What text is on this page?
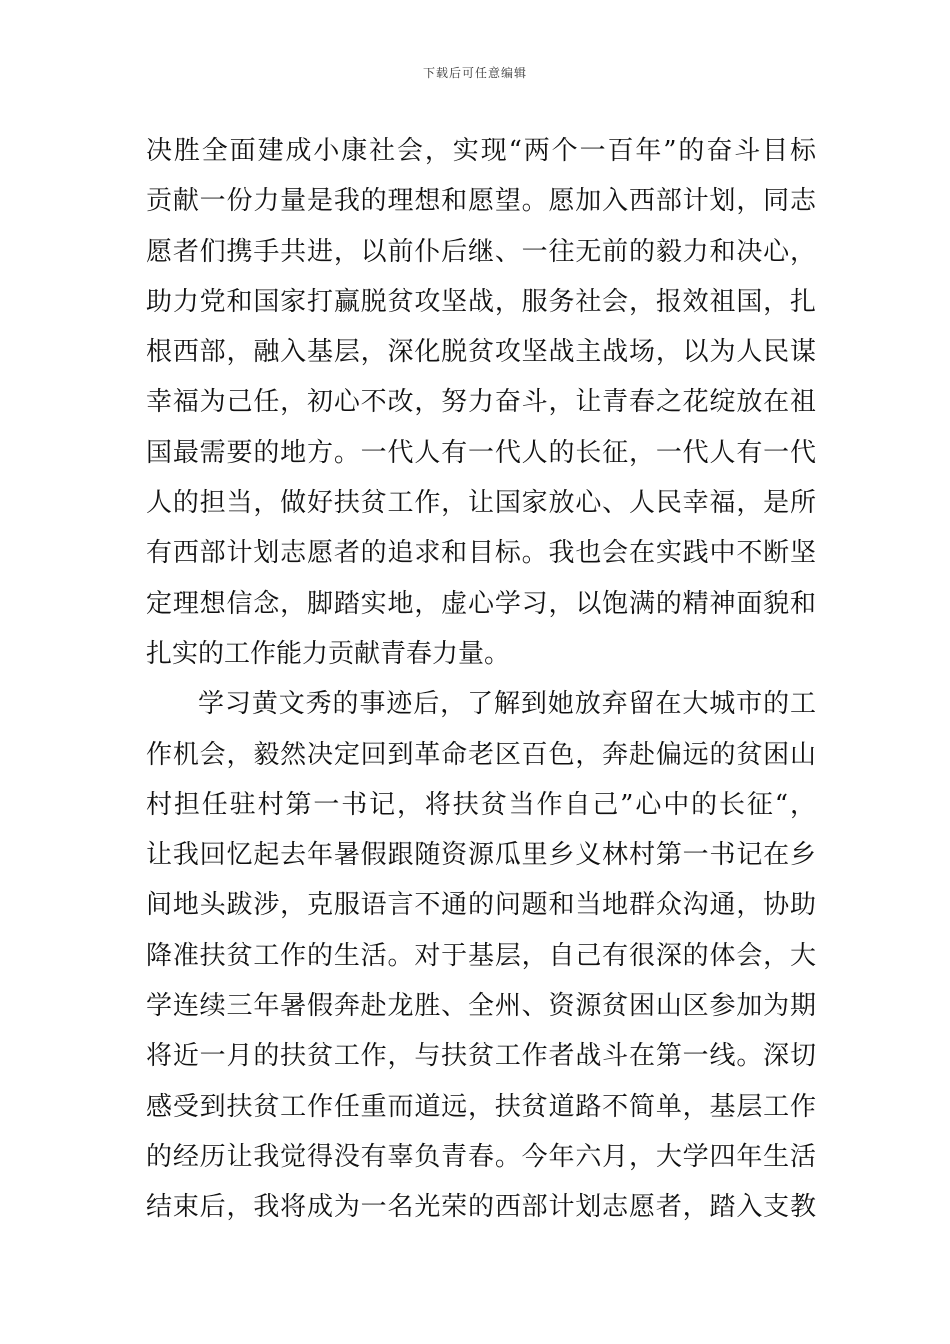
下载后可任意编辑
决胜全面建成小康社会，实现“两个一百年”的奋斗目标
贡献一份力量是我的理想和愿望。愿加入西部计划，同志
愿者们携手共进，以前仆后继、一往无前的毅力和决心，
助力党和国家打赢脱贫攻坚战，服务社会，报效祖国，扎
根西部，融入基层，深化脱贫攻坚战主战场，以为人民谋
幸福为己任，初心不改，努力奋斗，让青春之花绽放在祖
国最需要的地方。一代人有一代人的长征，一代人有一代
人的担当，做好扶贫工作，让国家放心、人民幸福，是所
有西部计划志愿者的追求和目标。我也会在实践中不断坚
定理想信念，脚踏实地，虚心学习，以饱满的精神面貌和
扎实的工作能力贡献青春力量。
学习黄文秀的事迹后，了解到她放弃留在大城市的工
作机会，毅然决定回到革命老区百色，奔赴偏远的贫困山
村担任驻村第一书记，将扶贫当作自己”心中的长征“，
让我回忆起去年暑假跟随资源瓜里乡义林村第一书记在乡
间地头跋涉，克服语言不通的问题和当地群众沟通，协助
降准扶贫工作的生活。对于基层，自己有很深的体会，大
学连续三年暑假奔赴龙胜、全州、资源贫困山区参加为期
将近一月的扶贫工作，与扶贫工作者战斗在第一线。深切
感受到扶贫工作任重而道远，扶贫道路不简单，基层工作
的经历让我觉得没有辜负青春。今年六月，大学四年生活
结束后，我将成为一名光荣的西部计划志愿者，踏入支教
